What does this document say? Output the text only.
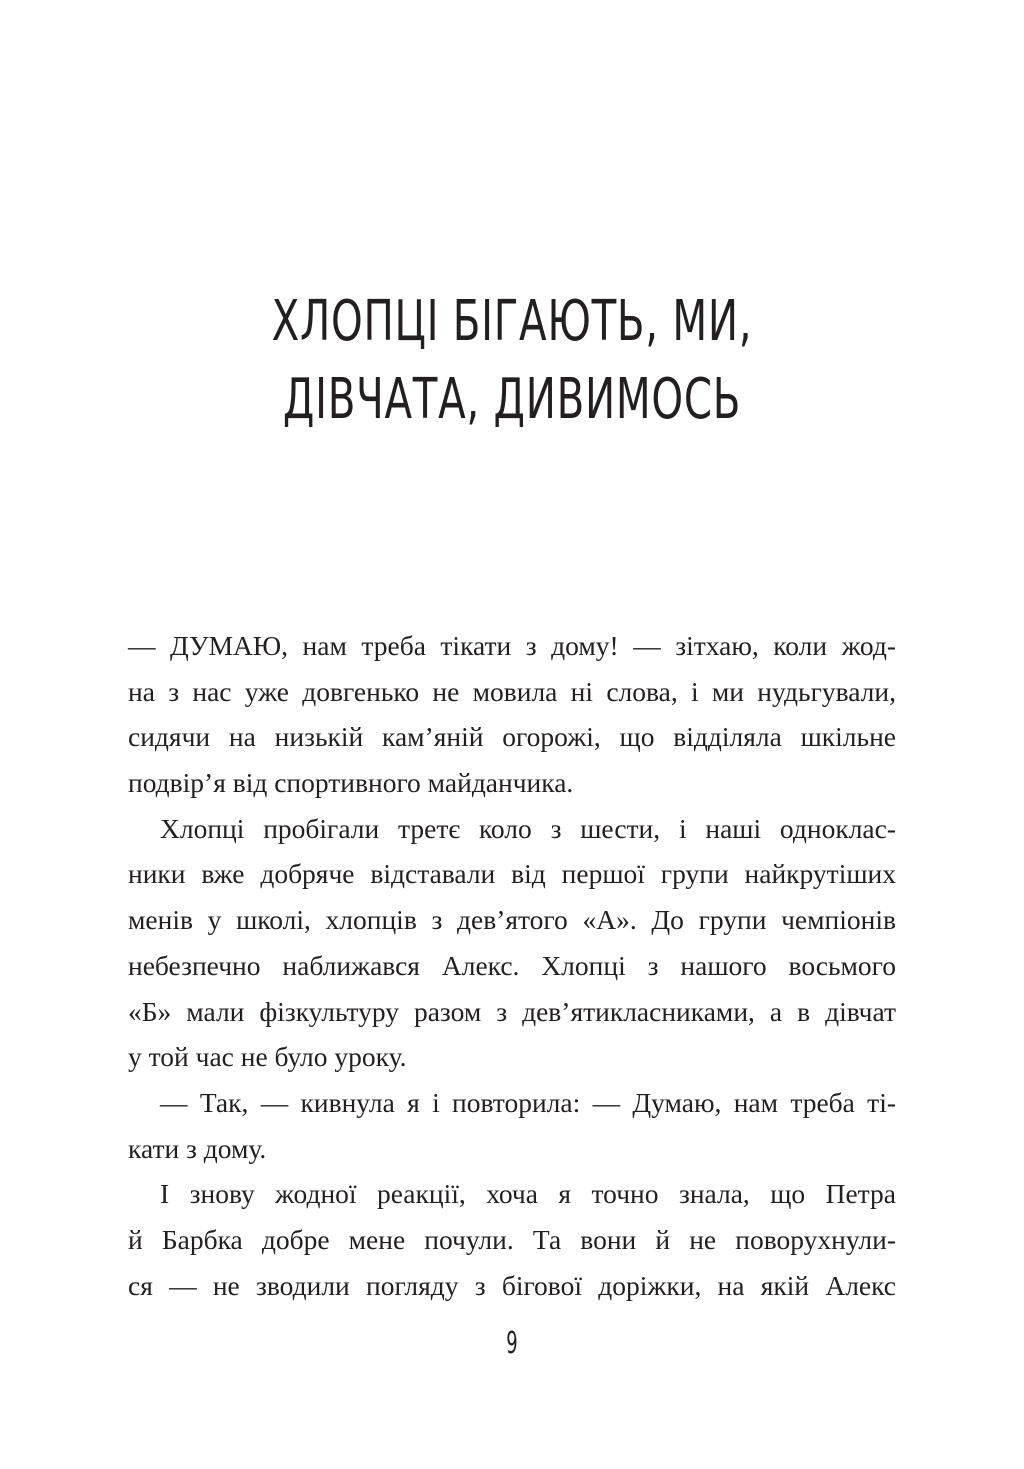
ХЛОПЦІ БІГАЮТЬ, МИ,
ДІВЧАТА, ДИВИМОСЬ
— ДУМАЮ, нам треба тікати з дому! — зітхаю, коли жод-
на з нас уже довгенько не мовила ні слова, і ми нудьгували,
сидячи на низькій кам’яній огорожі, що відділяла шкільне
подвір’я від спортивного майданчика.
Хлопці пробігали третє коло з шести, і наші однoклас-
ники вже добряче відставали від першої групи найкрутіших
менів у школі, хлопців з дев’ятого «А». До групи чемпіонів
небезпечно наближався Алекс. Хлопці з нашого восьмого
«Б» мали фізкультуру разом з дев’ятикласниками, а в дівчат
у той час не було уроку.
— Так, — кивнула я і повторила: — Думаю, нам треба ті-
кати з дому.
І знову жодної реакції, хоча я точно знала, що Петра
й Барбка добре мене почули. Та вони й не поворухнули-
ся — не зводили погляду з бігової доріжки, на якій Алекс
9
